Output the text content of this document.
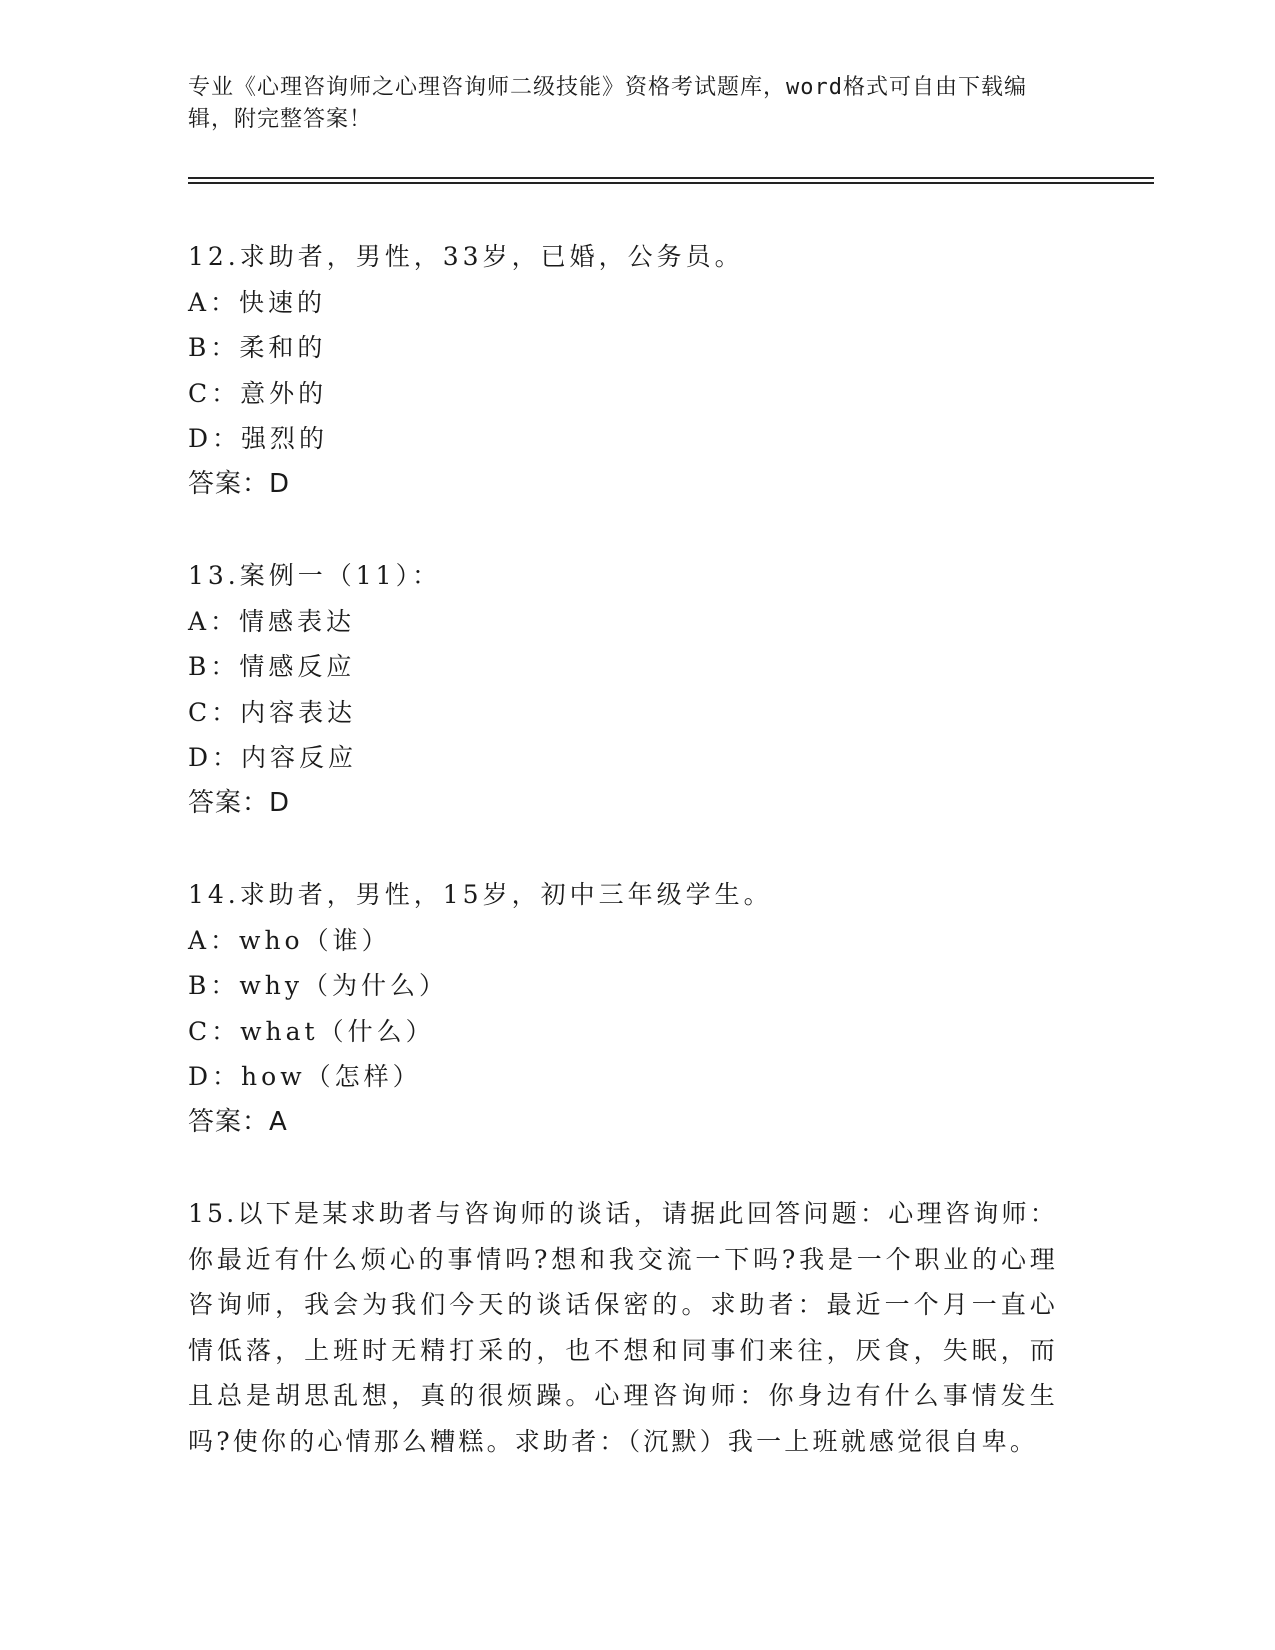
专业《心理咨询师之心理咨询师二级技能》资格考试题库，word格式可自由下载编辑，附完整答案！
12.求助者，男性，33岁，已婚，公务员。
A：快速的
B：柔和的
C：意外的
D：强烈的
答案：D
13.案例一（11）：
A：情感表达
B：情感反应
C：内容表达
D：内容反应
答案：D
14.求助者，男性，15岁，初中三年级学生。
A：who（谁）
B：why（为什么）
C：what（什么）
D：how（怎样）
答案：A
15.以下是某求助者与咨询师的谈话，请据此回答问题：心理咨询师：你最近有什么烦心的事情吗?想和我交流一下吗?我是一个职业的心理咨询师，我会为我们今天的谈话保密的。求助者：最近一个月一直心情低落，上班时无精打采的，也不想和同事们来往，厌食，失眠，而且总是胡思乱想，真的很烦躁。心理咨询师：你身边有什么事情发生吗?使你的心情那么糟糕。求助者：（沉默）我一上班就感觉很自卑。
